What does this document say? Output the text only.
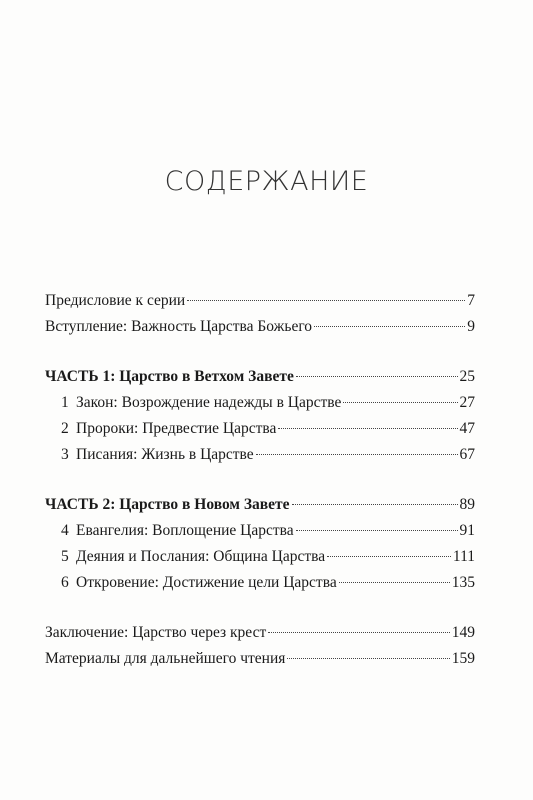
СОДЕРЖАНИЕ
Предисловие к серии	7
Вступление: Важность Царства Божьего	9
ЧАСТЬ 1: Царство в Ветхом Завете	25
1 Закон: Возрождение надежды в Царстве	27
2 Пророки: Предвестие Царства	47
3 Писания: Жизнь в Царстве	67
ЧАСТЬ 2: Царство в Новом Завете	89
4 Евангелия: Воплощение Царства	91
5 Деяния и Послания: Община Царства	111
6 Откровение: Достижение цели Царства	135
Заключение: Царство через крест	149
Материалы для дальнейшего чтения	159
